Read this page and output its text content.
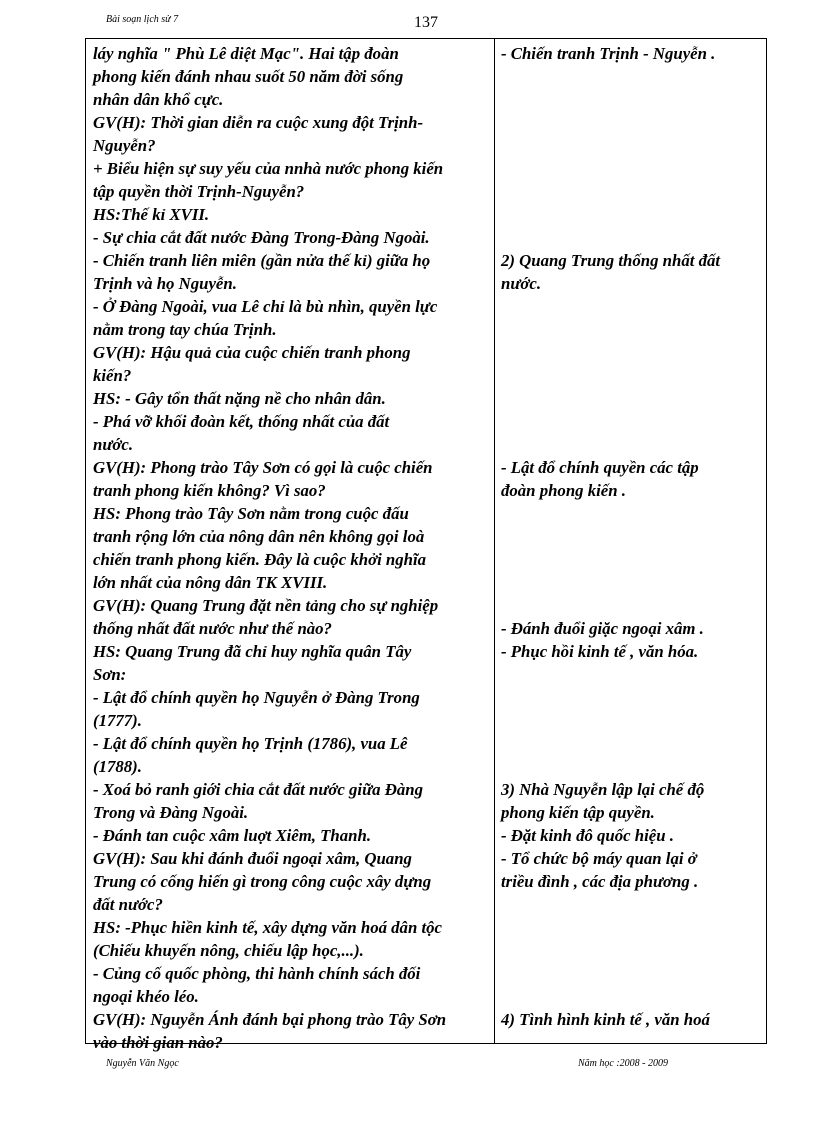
Bài soạn lịch sử 7	137
láy nghĩa " Phù Lê diệt Mạc". Hai tập đoàn
phong kiến đánh nhau suốt 50 năm đời sống
nhân dân khổ cực.
GV(H): Thời gian diễn ra cuộc xung đột Trịnh-
Nguyễn?
+ Biểu hiện sự suy yếu của nnhà nước phong kiến
tập quyền thời Trịnh-Nguyễn?
HS:Thế kỉ XVII.
- Sự chia cắt đất nước Đàng Trong-Đàng Ngoài.
- Chiến tranh liên miên (gần nửa thế kỉ) giữa họ
Trịnh và họ Nguyễn.
- Ở Đàng Ngoài, vua Lê chỉ là bù nhìn, quyền lực
nằm trong tay chúa Trịnh.
GV(H): Hậu quả của cuộc chiến tranh phong
kiến?
HS: - Gây tổn thất nặng nề cho nhân dân.
- Phá vỡ khối đoàn kết, thống nhất của đất
nước.
GV(H): Phong trào Tây Sơn có gọi là cuộc chiến
tranh phong kiến không? Vì sao?
HS: Phong trào Tây Sơn nằm trong cuộc đấu
tranh rộng lớn của nông dân nên không gọi loà
chiến tranh phong kiến. Đây là cuộc khởi nghĩa
lớn nhất của nông dân TK XVIII.
GV(H): Quang Trung đặt nền tảng cho sự nghiệp
thống nhất đất nước như thế nào?
HS: Quang Trung đã chỉ huy nghĩa quân Tây
Sơn:
- Lật đổ chính quyền họ Nguyễn ở Đàng Trong
(1777).
- Lật đổ chính quyền họ Trịnh (1786), vua Lê
(1788).
- Xoá bỏ ranh giới chia cắt đất nước giữa Đàng
Trong và Đàng Ngoài.
- Đánh tan cuộc xâm luợt Xiêm, Thanh.
GV(H): Sau khi đánh đuổi ngoại xâm, Quang
Trung có cống hiến gì trong công cuộc xây dựng
đất nước?
HS: -Phục hiền kinh tế, xây dựng văn hoá dân tộc
(Chiếu khuyến nông, chiếu lập học,...).
- Củng cố quốc phòng, thi hành chính sách đối
ngoại khéo léo.
GV(H): Nguyễn Ánh đánh bại phong trào Tây Sơn
vào thời gian nào?
- Chiến tranh Trịnh - Nguyễn .
2) Quang Trung thống nhất đất
nước.
- Lật đổ chính quyền các tập
đoàn phong kiến .
- Đánh đuổi giặc ngoại xâm .
- Phục hồi kinh tế , văn hóa.
3) Nhà Nguyễn lập lại chế độ
phong kiến tập quyền.
- Đặt kinh đô quốc hiệu .
- Tổ chức bộ máy quan lại ở
triều đình , các địa phương .
4) Tình hình kinh tế , văn hoá
Nguyễn Văn Ngọc	Năm học :2008 - 2009
